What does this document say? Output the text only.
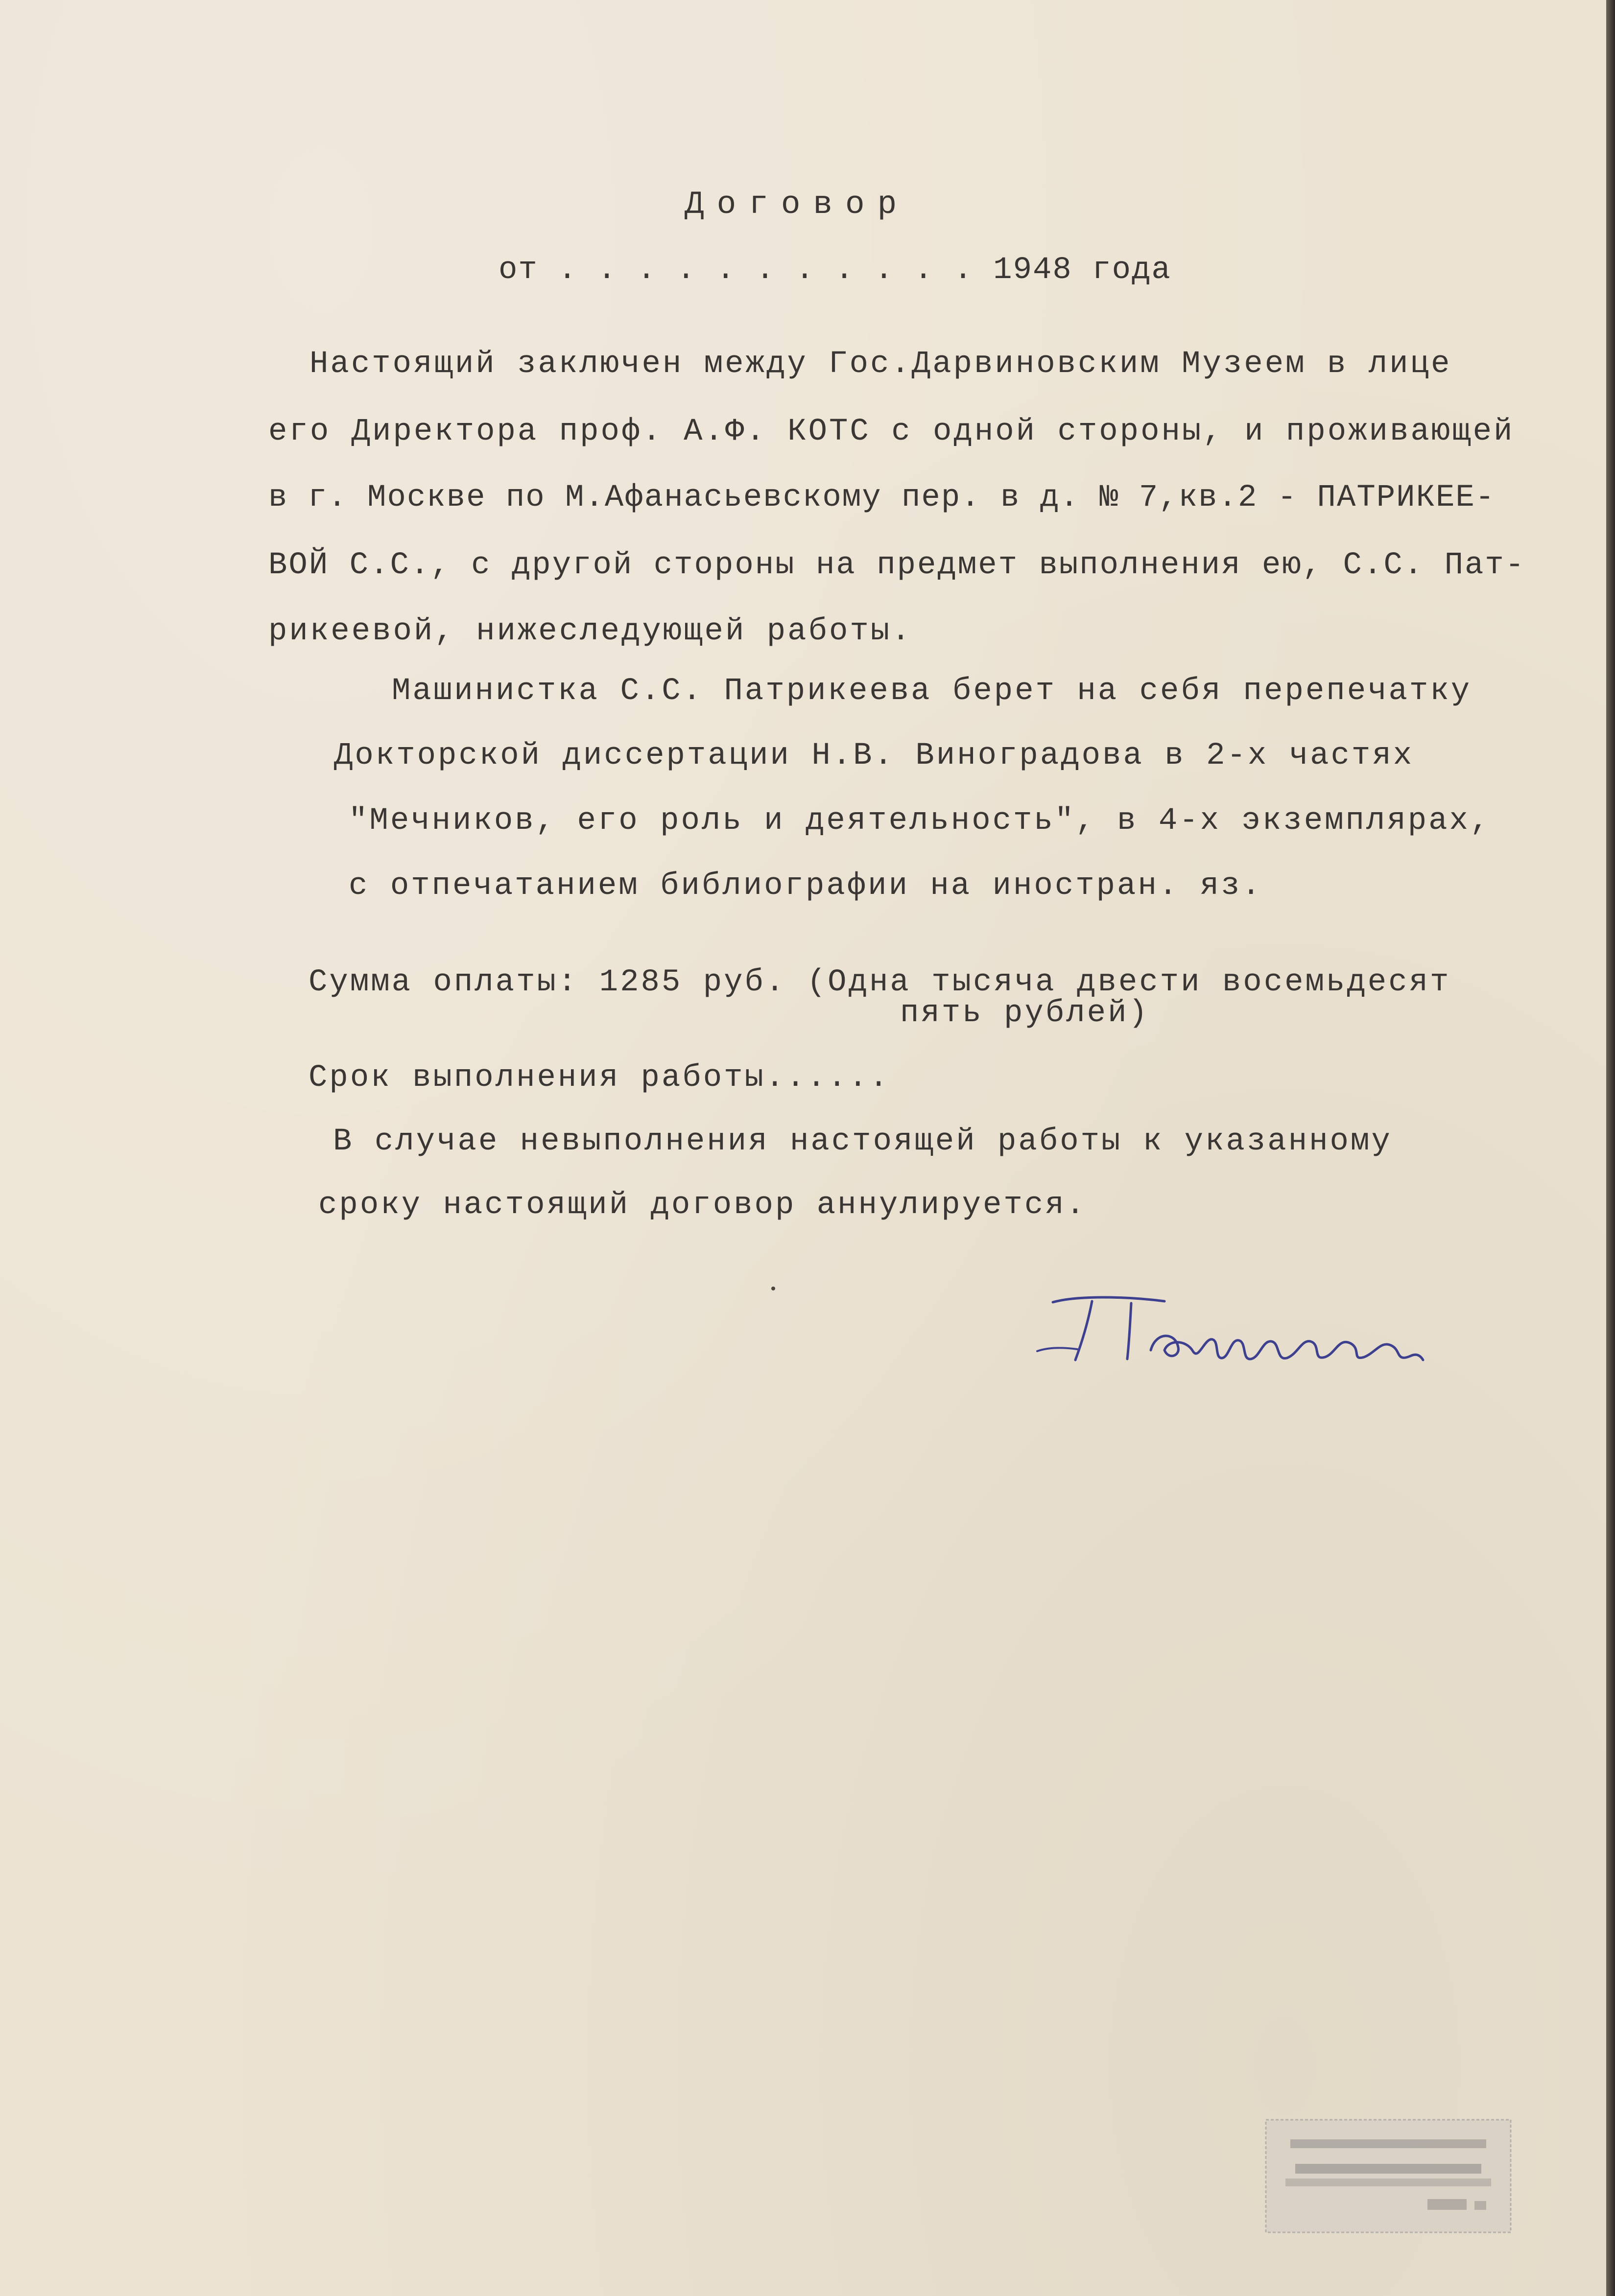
Договор
от . . . . . . . . . . . 1948 года
Настоящий заключен между Гос.Дарвиновским Музеем в лице
его Директора проф. А.Ф. КОТС с одной стороны, и проживающей
в г. Москве по М.Афанасьевскому пер. в д. № 7,кв.2 - ПАТРИКЕЕ-
ВОЙ С.С., с другой стороны на предмет выполнения ею, С.С. Пат-
рикеевой, нижеследующей работы.
Машинистка С.С. Патрикеева берет на себя перепечатку
Докторской диссертации Н.В. Виноградова в 2-х частях
"Мечников, его роль и деятельность", в 4-х экземплярах,
с отпечатанием библиографии на иностран. яз.
Сумма оплаты: 1285 руб. (Одна тысяча двести восемьдесят
пять рублей)
Срок выполнения работы......
В случае невыполнения настоящей работы к указанному
сроку настоящий договор аннулируется.
